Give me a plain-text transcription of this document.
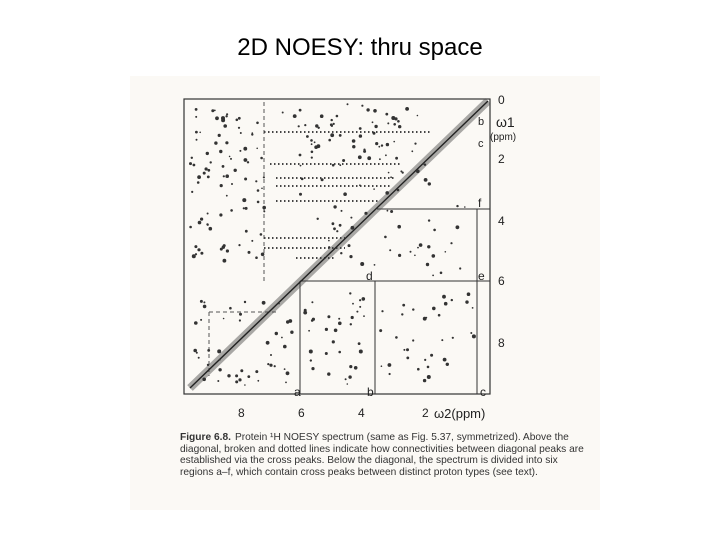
2D NOESY: thru space
0
ω1
(ppm)
2
4
6
8
8	6	4	2 ω2(ppm)
a	b	c
d	e
f
b
c
Figure 6.8. Protein ¹H NOESY spectrum (same as Fig. 5.37, symmetrized). Above the diagonal, broken and dotted lines indicate how connectivities between diagonal peaks are established via the cross peaks. Below the diagonal, the spectrum is divided into six regions a–f, which contain cross peaks between distinct proton types (see text).
